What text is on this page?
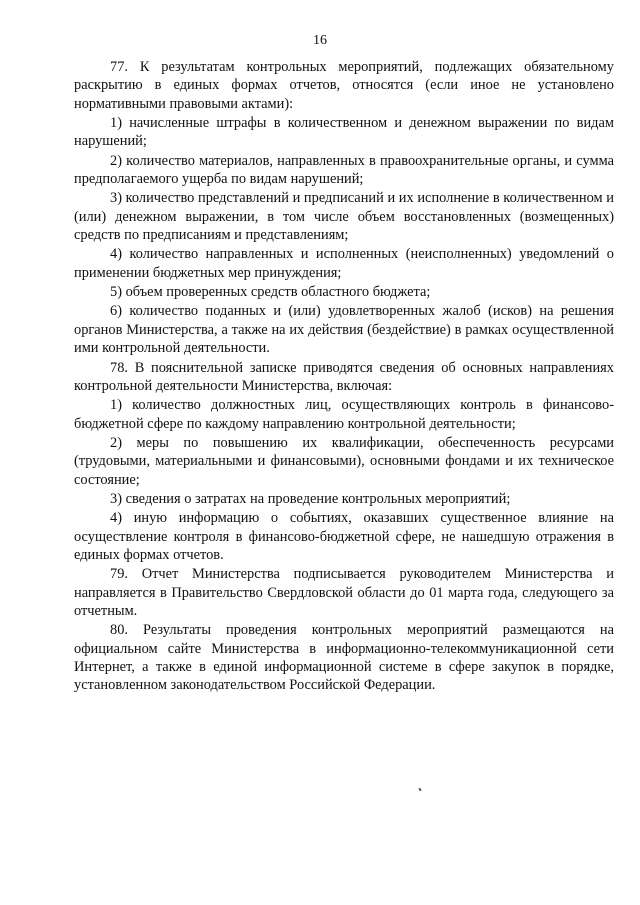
16

77. К результатам контрольных мероприятий, подлежащих обязательному раскрытию в единых формах отчетов, относятся (если иное не установлено нормативными правовыми актами):

1) начисленные штрафы в количественном и денежном выражении по видам нарушений;

2) количество материалов, направленных в правоохранительные органы, и сумма предполагаемого ущерба по видам нарушений;

3) количество представлений и предписаний и их исполнение в количественном и (или) денежном выражении, в том числе объем восстановленных (возмещенных) средств по предписаниям и представлениям;

4) количество направленных и исполненных (неисполненных) уведомлений о применении бюджетных мер принуждения;

5) объем проверенных средств областного бюджета;

6) количество поданных и (или) удовлетворенных жалоб (исков) на решения органов Министерства, а также на их действия (бездействие) в рамках осуществленной ими контрольной деятельности.

78. В пояснительной записке приводятся сведения об основных направлениях контрольной деятельности Министерства, включая:

1) количество должностных лиц, осуществляющих контроль в финансово-бюджетной сфере по каждому направлению контрольной деятельности;

2) меры по повышению их квалификации, обеспеченность ресурсами (трудовыми, материальными и финансовыми), основными фондами и их техническое состояние;

3) сведения о затратах на проведение контрольных мероприятий;

4) иную информацию о событиях, оказавших существенное влияние на осуществление контроля в финансово-бюджетной сфере, не нашедшую отражения в единых формах отчетов.

79. Отчет Министерства подписывается руководителем Министерства и направляется в Правительство Свердловской области до 01 марта года, следующего за отчетным.

80. Результаты проведения контрольных мероприятий размещаются на официальном сайте Министерства в информационно-телекоммуникационной сети Интернет, а также в единой информационной системе в сфере закупок в порядке, установленном законодательством Российской Федерации.
